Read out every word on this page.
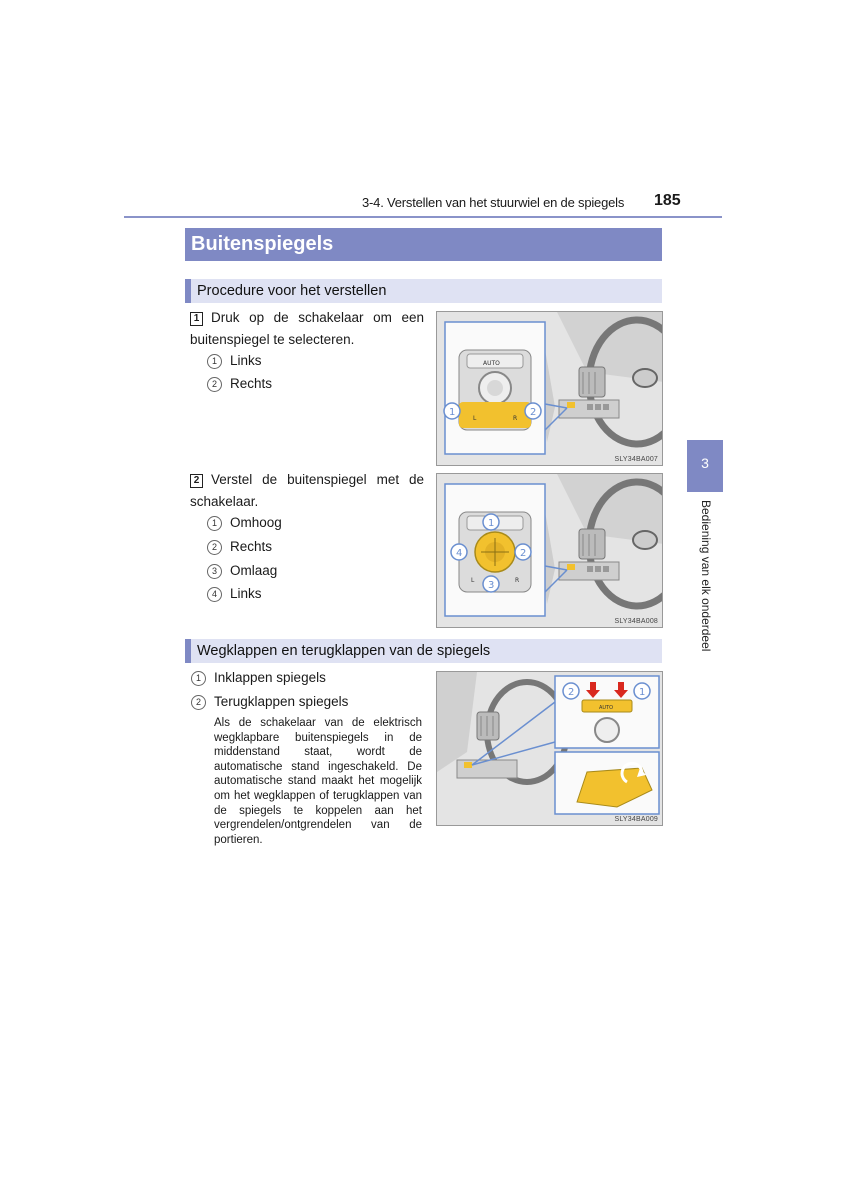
3-4. Verstellen van het stuurwiel en de spiegels 185
Buitenspiegels
Procedure voor het verstellen
1 Druk op de schakelaar om een buitenspiegel te selecteren.
1 Links
2 Rechts
AUTO
L	R
1	2
SLY34BA007
2 Verstel de buitenspiegel met de schakelaar.
1 Omhoog
2 Rechts
3 Omlaag
4 Links
L	R
1
2
3
4
SLY34BA008
Wegklappen en terugklappen van de spiegels
1 Inklappen spiegels
2 Terugklappen spiegels
Als de schakelaar van de elektrisch wegklapbare buitenspiegels in de middenstand staat, wordt de automatische stand ingeschakeld. De automatische stand maakt het mogelijk om het wegklappen of terugklappen van de spiegels te koppelen aan het vergrendelen/ontgrendelen van de portieren.
AUTO
2	1
SLY34BA009
3
Bediening van elk onderdeel
